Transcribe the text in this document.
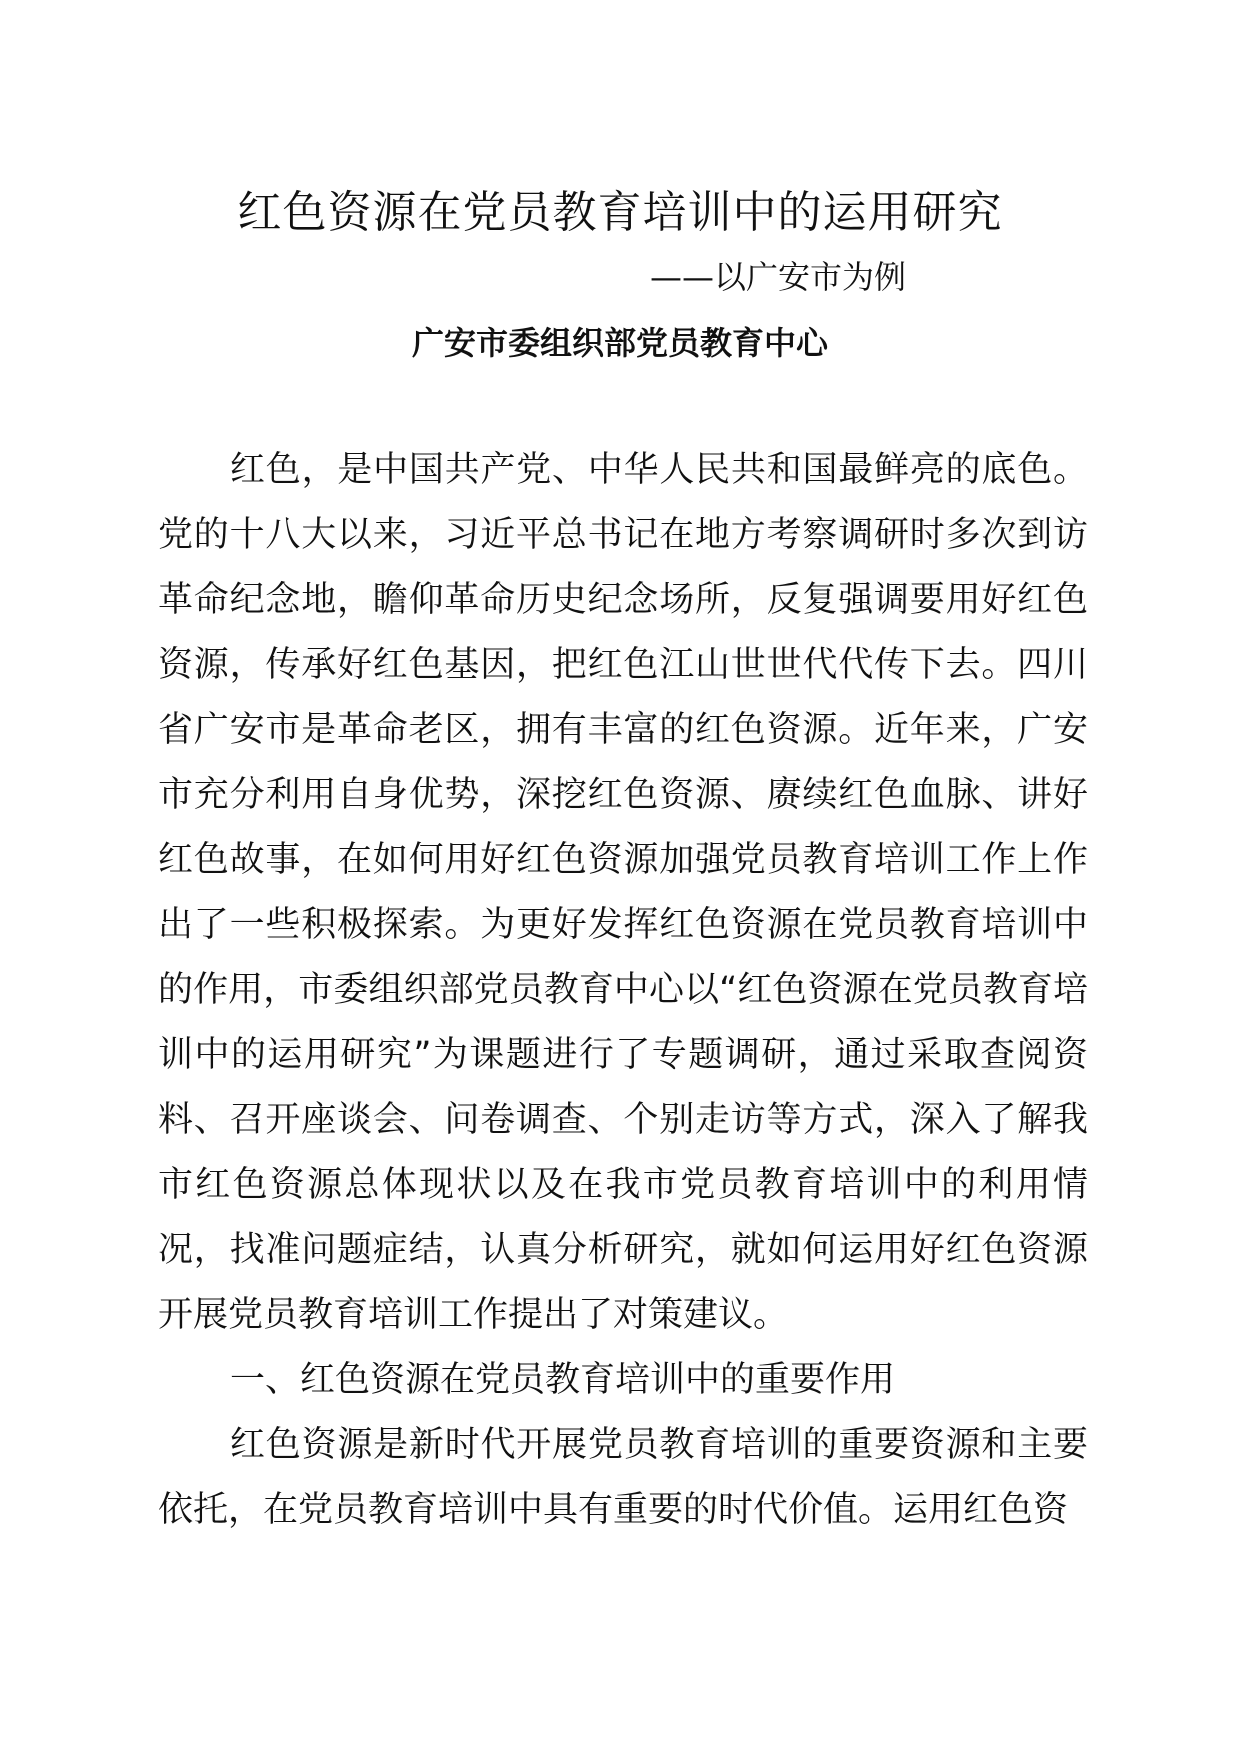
红色资源在党员教育培训中的运用研究
——以广安市为例
广安市委组织部党员教育中心

红色，是中国共产党、中华人民共和国最鲜亮的底色。党的十八大以来，习近平总书记在地方考察调研时多次到访革命纪念地，瞻仰革命历史纪念场所，反复强调要用好红色资源，传承好红色基因，把红色江山世世代代传下去。四川省广安市是革命老区，拥有丰富的红色资源。近年来，广安市充分利用自身优势，深挖红色资源、赓续红色血脉、讲好红色故事，在如何用好红色资源加强党员教育培训工作上作出了一些积极探索。为更好发挥红色资源在党员教育培训中的作用，市委组织部党员教育中心以“红色资源在党员教育培训中的运用研究”为课题进行了专题调研，通过采取查阅资料、召开座谈会、问卷调查、个别走访等方式，深入了解我市红色资源总体现状以及在我市党员教育培训中的利用情况，找准问题症结，认真分析研究，就如何运用好红色资源开展党员教育培训工作提出了对策建议。

一、红色资源在党员教育培训中的重要作用

红色资源是新时代开展党员教育培训的重要资源和主要依托，在党员教育培训中具有重要的时代价值。运用红色资
